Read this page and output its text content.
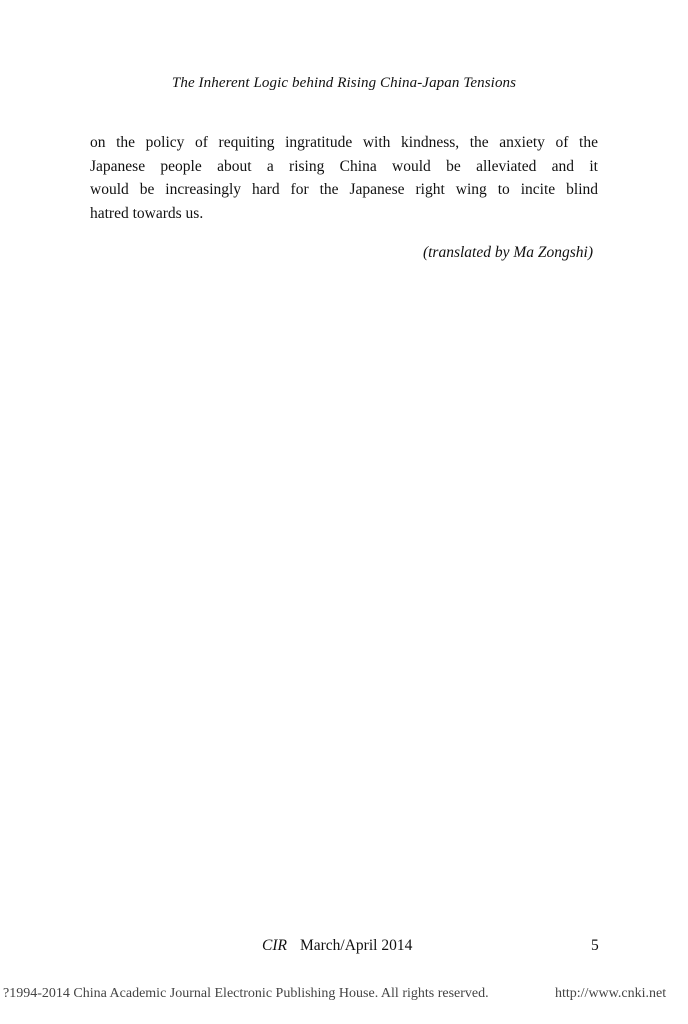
The Inherent Logic behind Rising China-Japan Tensions
on the policy of requiting ingratitude with kindness, the anxiety of the
Japanese people about a rising China would be alleviated and it
would be increasingly hard for the Japanese right wing to incite blind
hatred towards us.
(translated by Ma Zongshi)
CIR March/April 2014	5
?1994-2014 China Academic Journal Electronic Publishing House. All rights reserved.	http://www.cnki.net
